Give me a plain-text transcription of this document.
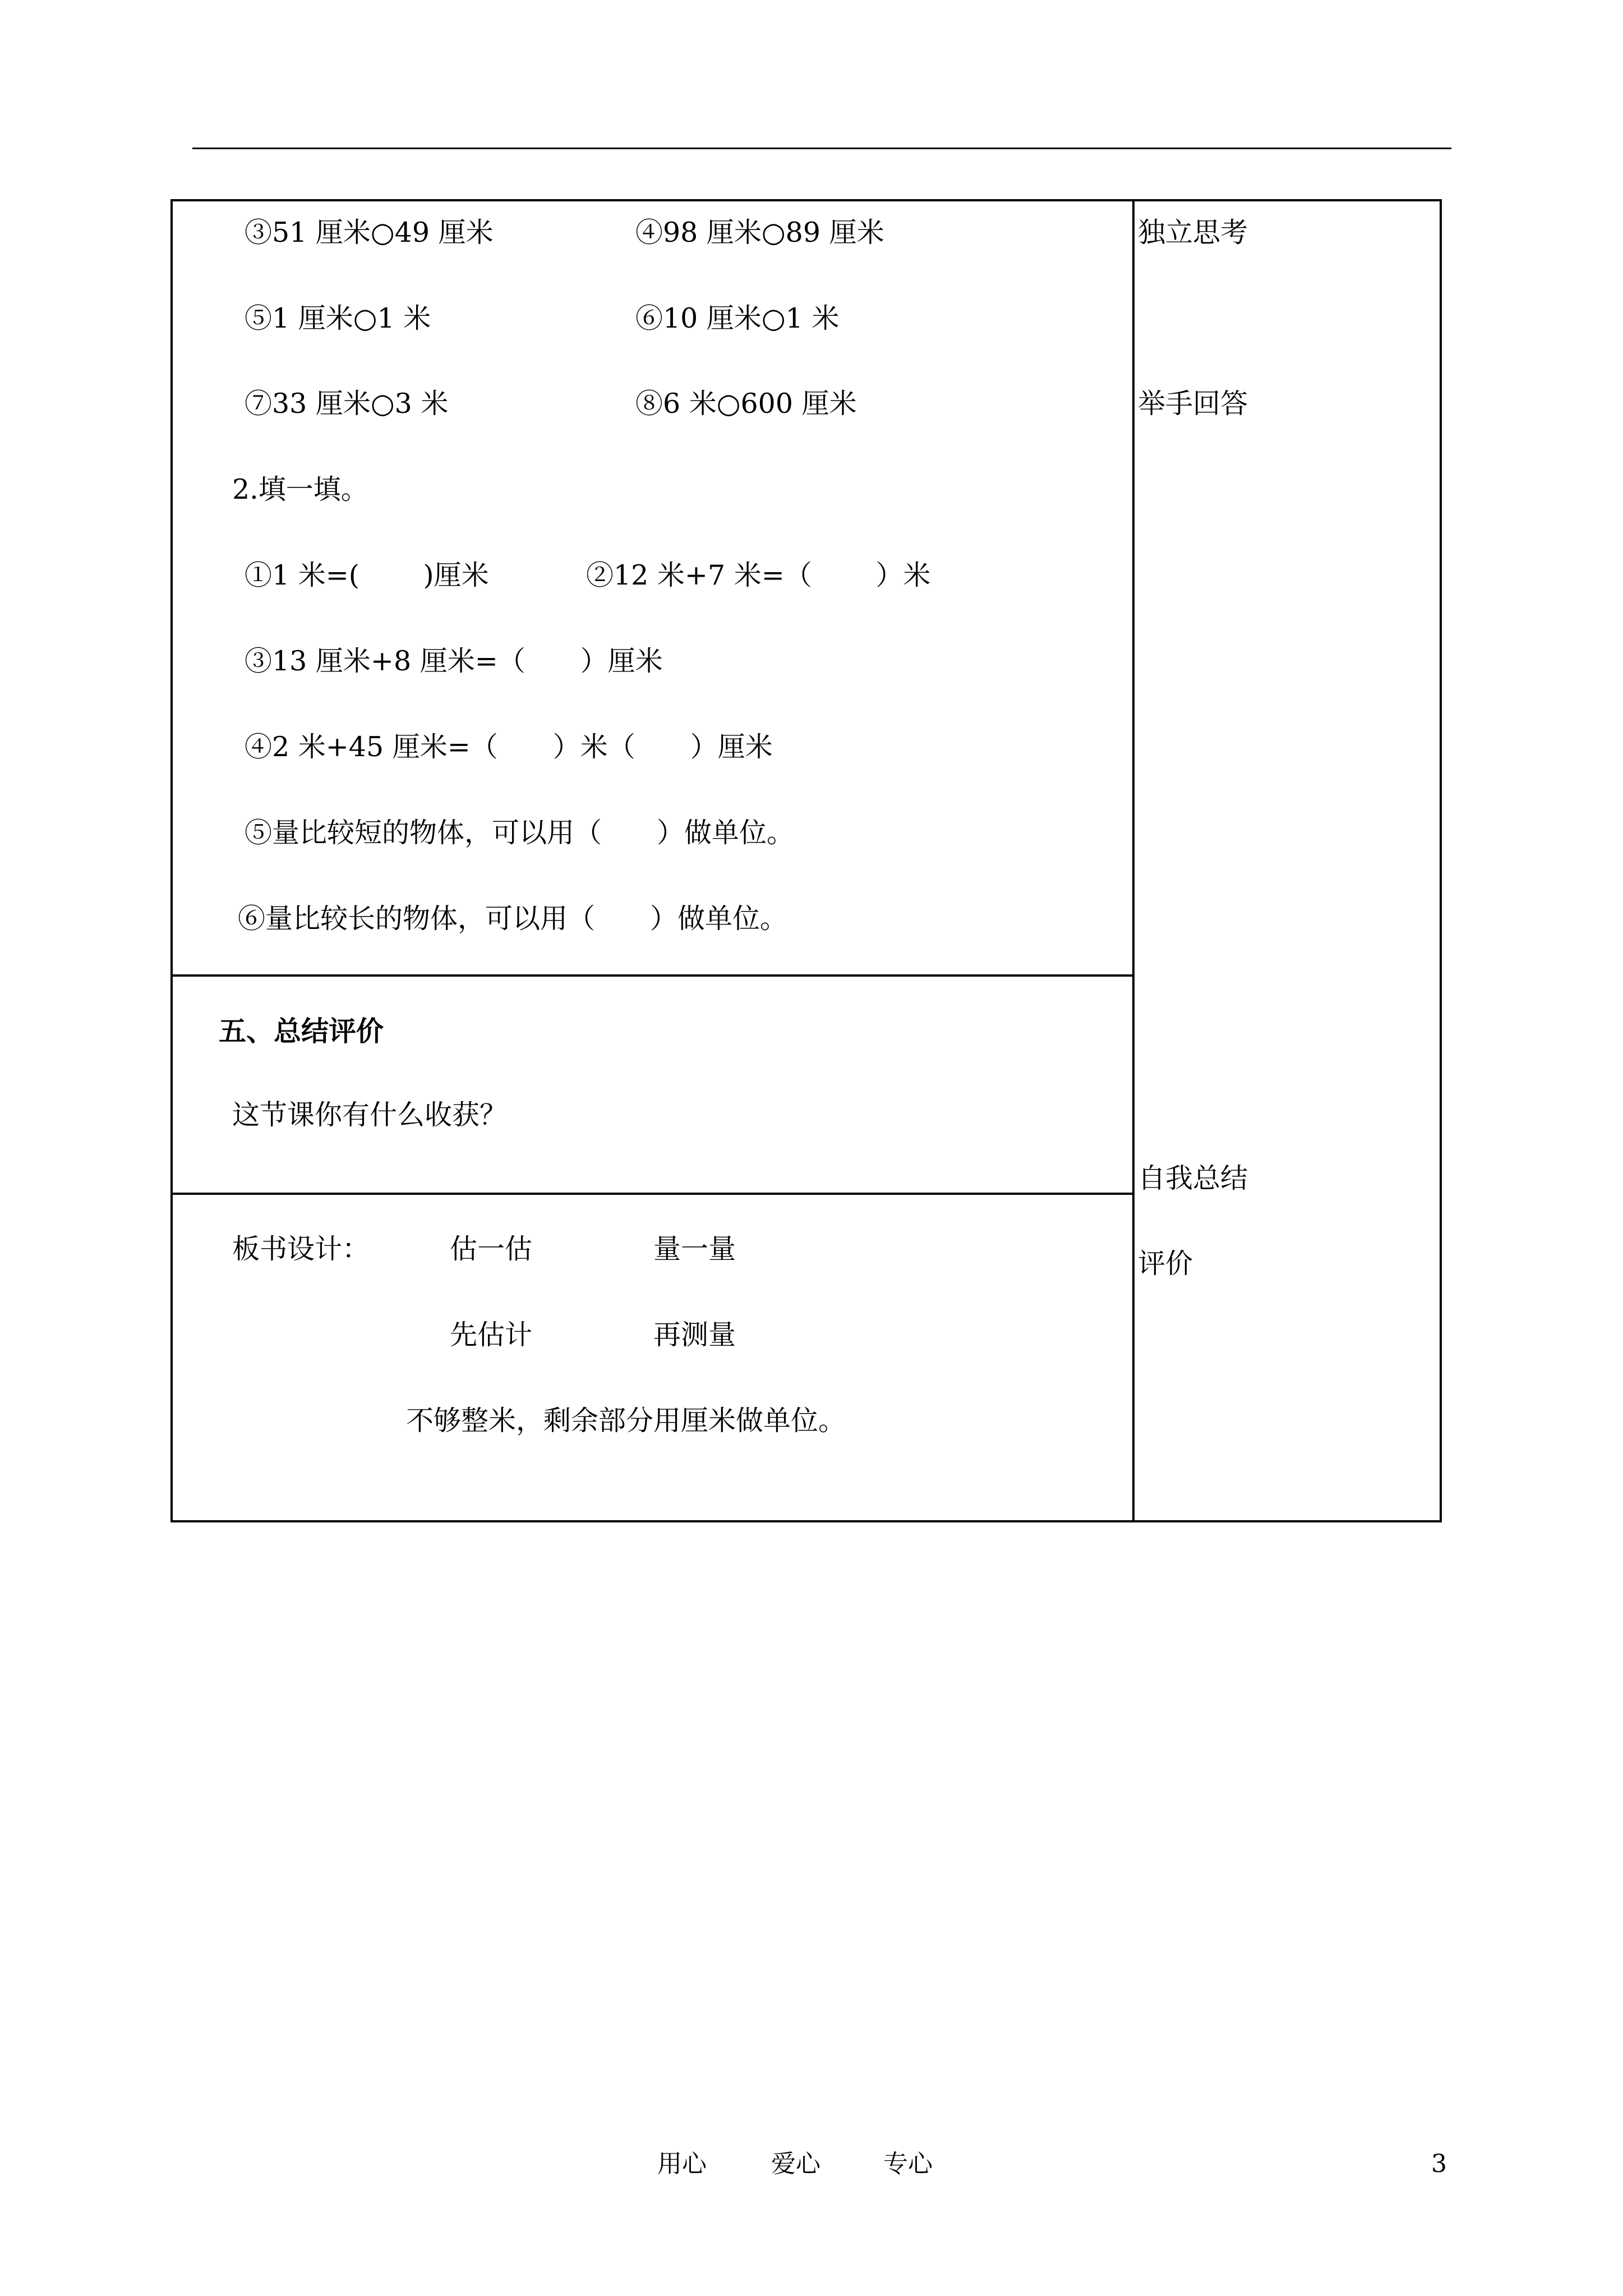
③51 厘米○49 厘米	④98 厘米○89 厘米
⑤1 厘米○1 米	⑥10 厘米○1 米
⑦33 厘米○3 米	⑧6 米○600 厘米
2.填一填。
①1 米=(　　 )厘米	②12 米+7 米=（　　 ）米
③13 厘米+8 厘米=（　　）厘米
④2 米+45 厘米=（　　）米（　　）厘米
⑤量比较短的物体，可以用（　　）做单位。
⑥量比较长的物体，可以用（　　）做单位。
五、总结评价
这节课你有什么收获？
板书设计：	估一估	量一量
先估计	再测量
不够整米，剩余部分用厘米做单位。
独立思考
举手回答
自我总结
评价
用心	爱心	专心	3
